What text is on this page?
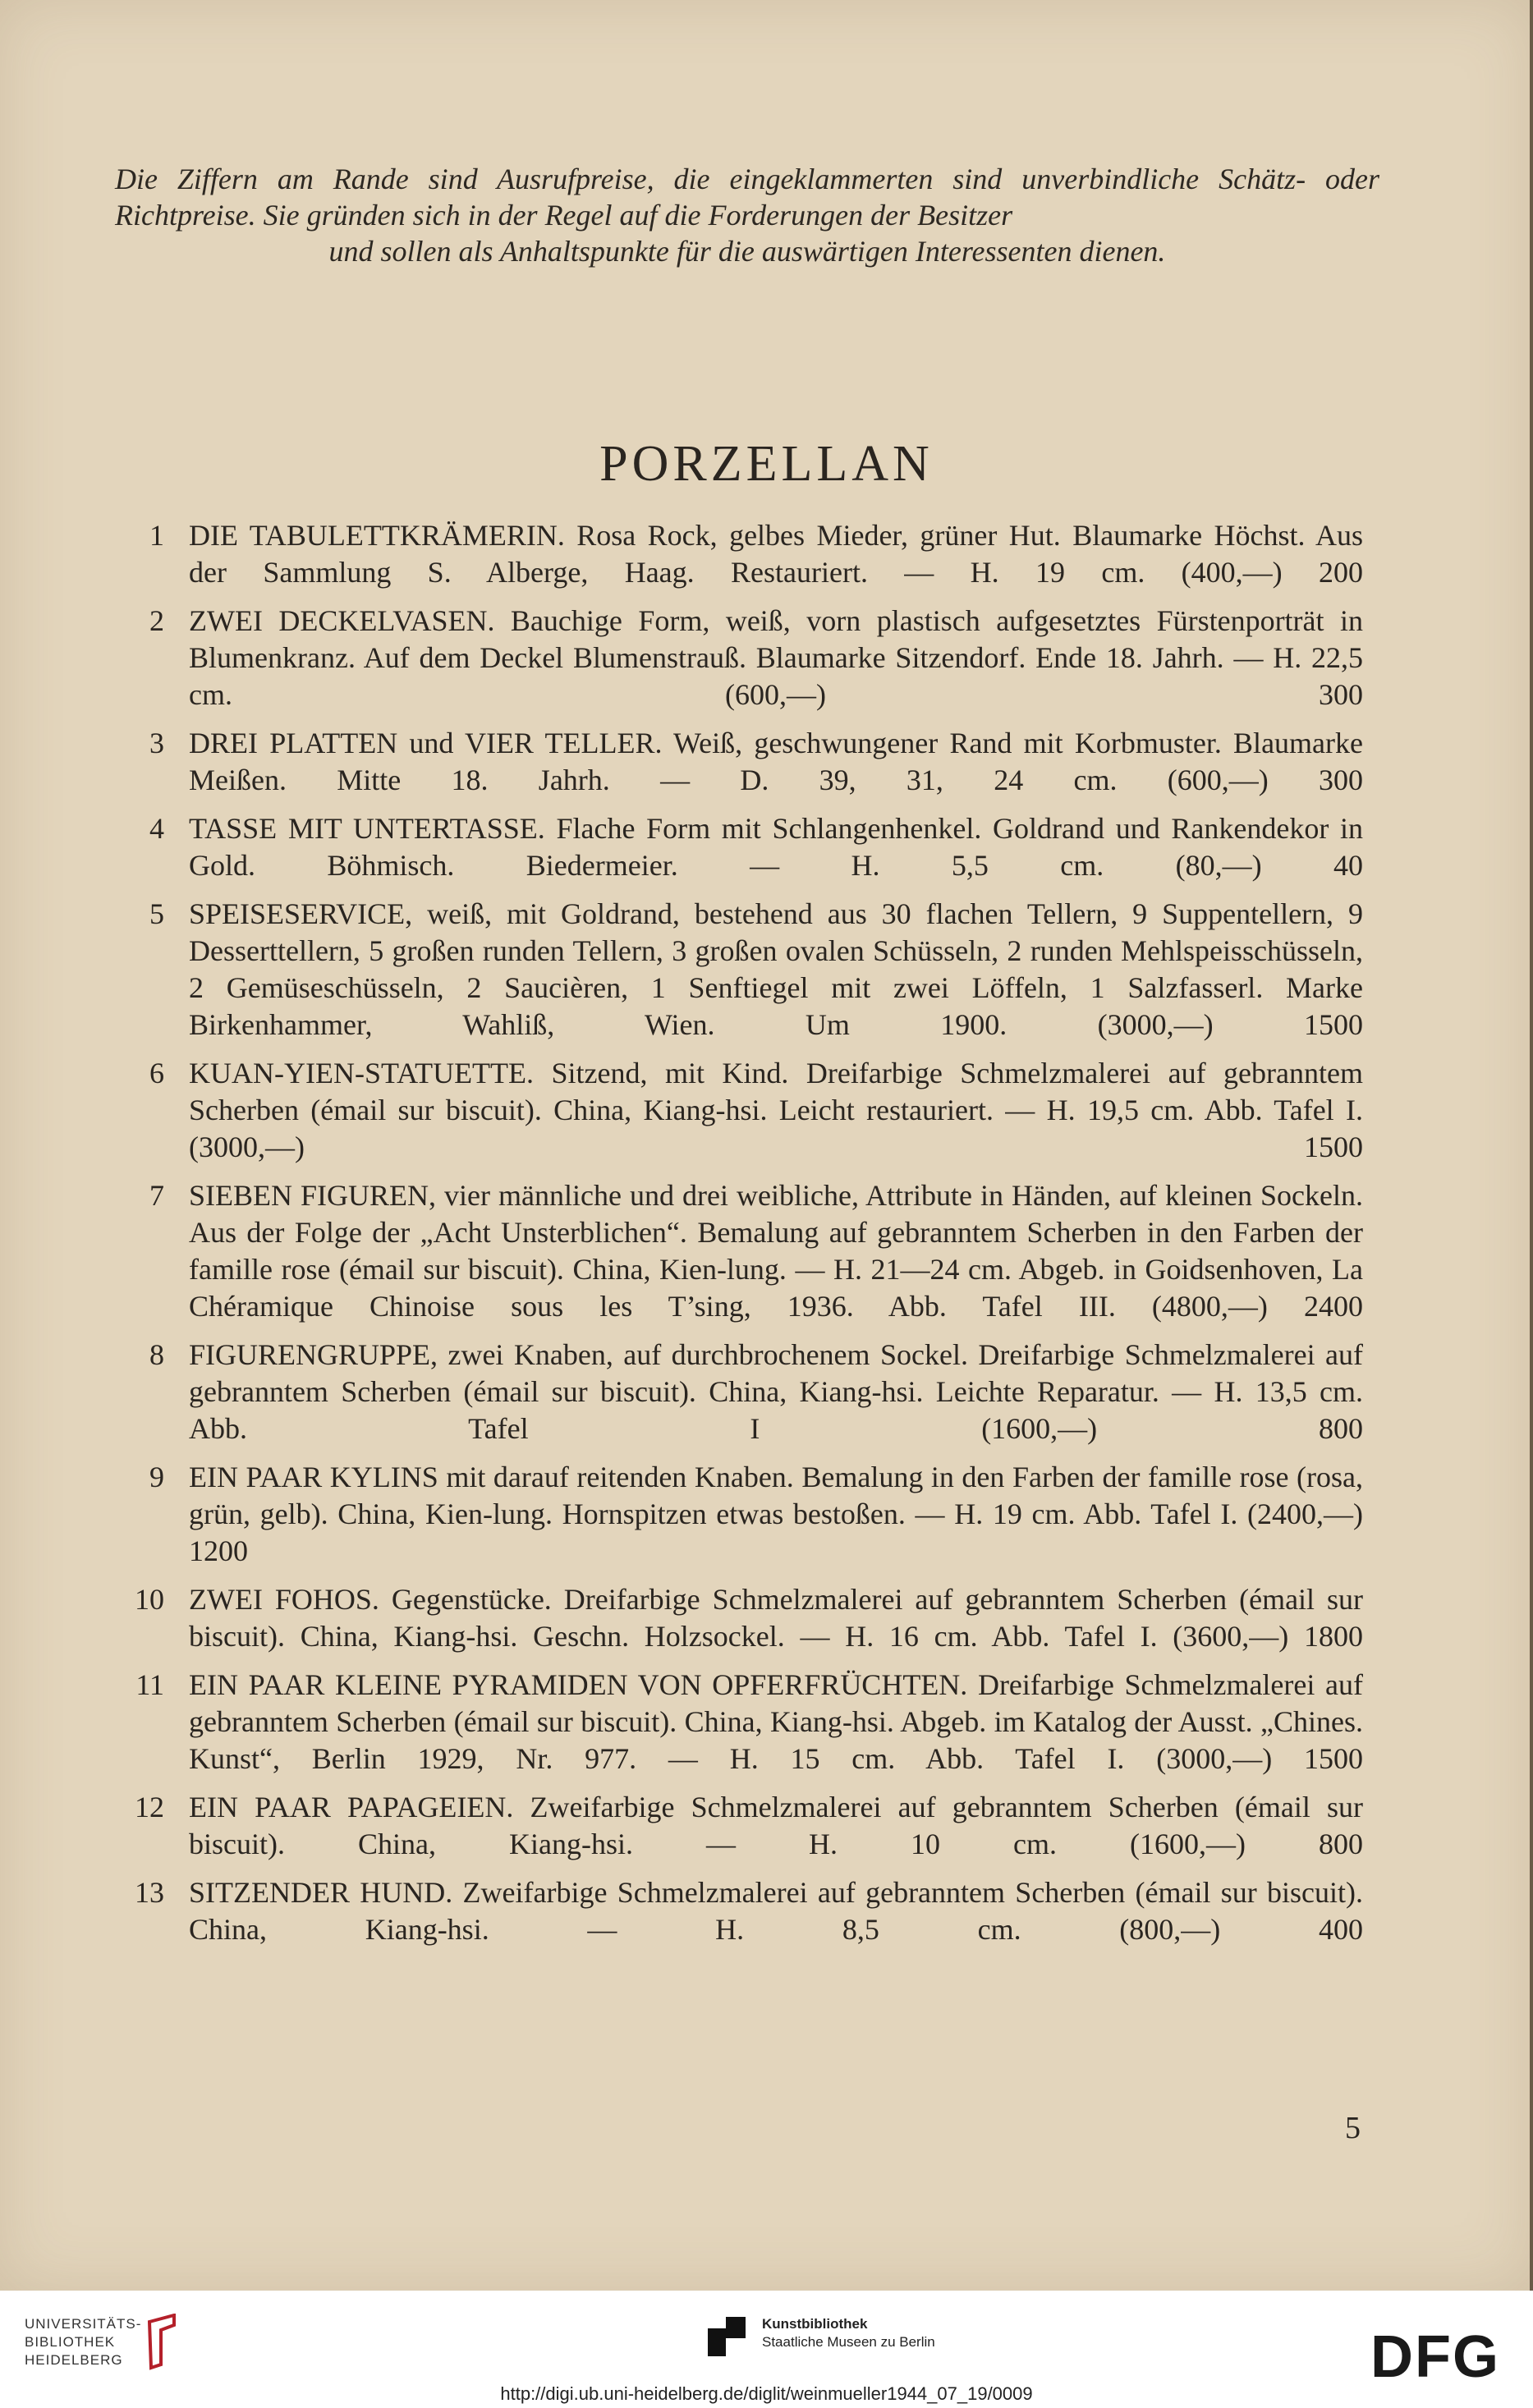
Die Ziffern am Rande sind Ausrufpreise, die eingeklammerten sind unverbindliche Schätz- oder Richtpreise. Sie gründen sich in der Regel auf die Forderungen der Besitzer
und sollen als Anhaltspunkte für die auswärtigen Interessenten dienen.
PORZELLAN
1 DIE TABULETTKRÄMERIN. Rosa Rock, gelbes Mieder, grüner Hut. Blaumarke Höchst. Aus der Sammlung S. Alberge, Haag. Restauriert. — H. 19 cm. (400,—) 200
2 ZWEI DECKELVASEN. Bauchige Form, weiß, vorn plastisch aufgesetztes Fürstenporträt in Blumenkranz. Auf dem Deckel Blumenstrauß. Blaumarke Sitzendorf. Ende 18. Jahrh. — H. 22,5 cm. (600,—) 300
3 DREI PLATTEN und VIER TELLER. Weiß, geschwungener Rand mit Korbmuster. Blaumarke Meißen. Mitte 18. Jahrh. — D. 39, 31, 24 cm. (600,—) 300
4 TASSE MIT UNTERTASSE. Flache Form mit Schlangenhenkel. Goldrand und Rankendekor in Gold. Böhmisch. Biedermeier. — H. 5,5 cm. (80,—) 40
5 SPEISESERVICE, weiß, mit Goldrand, bestehend aus 30 flachen Tellern, 9 Suppentellern, 9 Desserttellern, 5 großen runden Tellern, 3 großen ovalen Schüsseln, 2 runden Mehlspeisschüsseln, 2 Gemüseschüsseln, 2 Saucièren, 1 Senftiegel mit zwei Löffeln, 1 Salzfasserl. Marke Birkenhammer, Wahliß, Wien. Um 1900. (3000,—) 1500
6 KUAN-YIEN-STATUETTE. Sitzend, mit Kind. Dreifarbige Schmelzmalerei auf gebranntem Scherben (émail sur biscuit). China, Kiang-hsi. Leicht restauriert. — H. 19,5 cm. Abb. Tafel I. (3000,—) 1500
7 SIEBEN FIGUREN, vier männliche und drei weibliche, Attribute in Händen, auf kleinen Sockeln. Aus der Folge der „Acht Unsterblichen“. Bemalung auf gebranntem Scherben in den Farben der famille rose (émail sur biscuit). China, Kien-lung. — H. 21—24 cm. Abgeb. in Goidsenhoven, La Chéramique Chinoise sous les T’sing, 1936. Abb. Tafel III. (4800,—) 2400
8 FIGURENGRUPPE, zwei Knaben, auf durchbrochenem Sockel. Dreifarbige Schmelzmalerei auf gebranntem Scherben (émail sur biscuit). China, Kiang-hsi. Leichte Reparatur. — H. 13,5 cm. Abb. Tafel I (1600,—) 800
9 EIN PAAR KYLINS mit darauf reitenden Knaben. Bemalung in den Farben der famille rose (rosa, grün, gelb). China, Kien-lung. Hornspitzen etwas bestoßen. — H. 19 cm. Abb. Tafel I. (2400,—) 1200
10 ZWEI FOHOS. Gegenstücke. Dreifarbige Schmelzmalerei auf gebranntem Scherben (émail sur biscuit). China, Kiang-hsi. Geschn. Holzsockel. — H. 16 cm. Abb. Tafel I. (3600,—) 1800
11 EIN PAAR KLEINE PYRAMIDEN VON OPFERFRÜCHTEN. Dreifarbige Schmelzmalerei auf gebranntem Scherben (émail sur biscuit). China, Kiang-hsi. Abgeb. im Katalog der Ausst. „Chines. Kunst“, Berlin 1929, Nr. 977. — H. 15 cm. Abb. Tafel I. (3000,—) 1500
12 EIN PAAR PAPAGEIEN. Zweifarbige Schmelzmalerei auf gebranntem Scherben (émail sur biscuit). China, Kiang-hsi. — H. 10 cm. (1600,—) 800
13 SITZENDER HUND. Zweifarbige Schmelzmalerei auf gebranntem Scherben (émail sur biscuit). China, Kiang-hsi. — H. 8,5 cm. (800,—) 400
5
UNIVERSITÄTS-
BIBLIOTHEK
HEIDELBERG
Kunstbibliothek
Staatliche Museen zu Berlin	DFG
http://digi.ub.uni-heidelberg.de/diglit/weinmueller1944_07_19/0009
